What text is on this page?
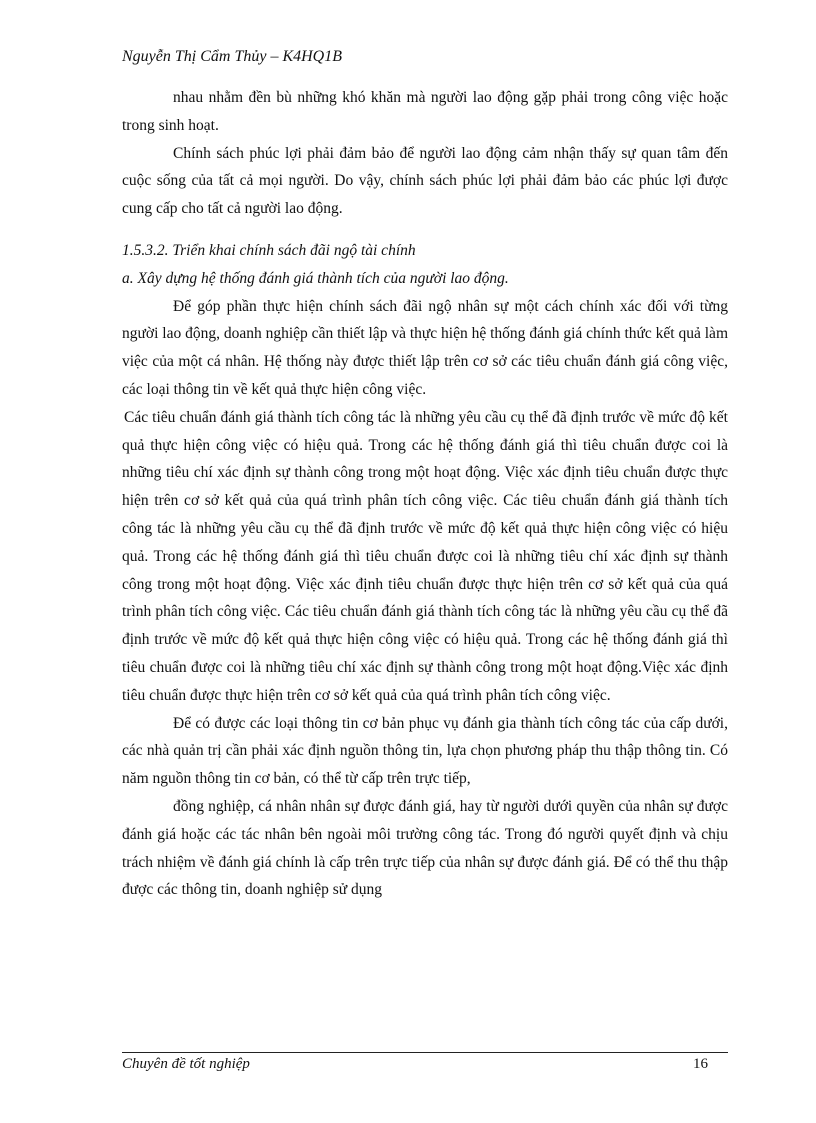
Nguyễn Thị Cẩm Thủy – K4HQ1B

nhau nhằm đền bù những khó khăn mà người lao động gặp phải trong công việc hoặc trong sinh hoạt.

Chính sách phúc lợi phải đảm bảo để người lao động cảm nhận thấy sự quan tâm đến cuộc sống của tất cả mọi người. Do vậy, chính sách phúc lợi phải đảm bảo các phúc lợi được cung cấp cho tất cả người lao động.

1.5.3.2. Triển khai chính sách đãi ngộ tài chính

a. Xây dựng hệ thống đánh giá thành tích của người lao động.

Để góp phần thực hiện chính sách đãi ngộ nhân sự một cách chính xác đối với từng người lao động, doanh nghiệp cần thiết lập và thực hiện hệ thống đánh giá chính thức kết quả làm việc của một cá nhân. Hệ thống này được thiết lập trên cơ sở các tiêu chuẩn đánh giá công việc, các loại thông tin về kết quả thực hiện công việc.

Các tiêu chuẩn đánh giá thành tích công tác là những yêu cầu cụ thể đã định trước về mức độ kết quả thực hiện công việc có hiệu quả. Trong các hệ thống đánh giá thì tiêu chuẩn được coi là những tiêu chí xác định sự thành công trong một hoạt động. Việc xác định tiêu chuẩn được thực hiện trên cơ sở kết quả của quá trình phân tích công việc. Các tiêu chuẩn đánh giá thành tích công tác là những yêu cầu cụ thể đã định trước về mức độ kết quả thực hiện công việc có hiệu quả. Trong các hệ thống đánh giá thì tiêu chuẩn được coi là những tiêu chí xác định sự thành công trong một hoạt động. Việc xác định tiêu chuẩn được thực hiện trên cơ sở kết quả của quá trình phân tích công việc. Các tiêu chuẩn đánh giá thành tích công tác là những yêu cầu cụ thể đã định trước về mức độ kết quả thực hiện công việc có hiệu quả. Trong các hệ thống đánh giá thì tiêu chuẩn được coi là những tiêu chí xác định sự thành công trong một hoạt động.Việc xác định tiêu chuẩn được thực hiện trên cơ sở kết quả của quá trình phân tích công việc.

Để có được các loại thông tin cơ bản phục vụ đánh gia thành tích công tác của cấp dưới, các nhà quản trị cần phải xác định nguồn thông tin, lựa chọn phương pháp thu thập thông tin. Có năm nguồn thông tin cơ bản, có thể từ cấp trên trực tiếp,

đồng nghiệp, cá nhân nhân sự được đánh giá, hay từ người dưới quyền của nhân sự được đánh giá hoặc các tác nhân bên ngoài môi trường công tác. Trong đó người quyết định và chịu trách nhiệm về đánh giá chính là cấp trên trực tiếp của nhân sự được đánh giá. Để có thể thu thập được các thông tin, doanh nghiệp sử dụng

Chuyên đề tốt nghiệp	16
